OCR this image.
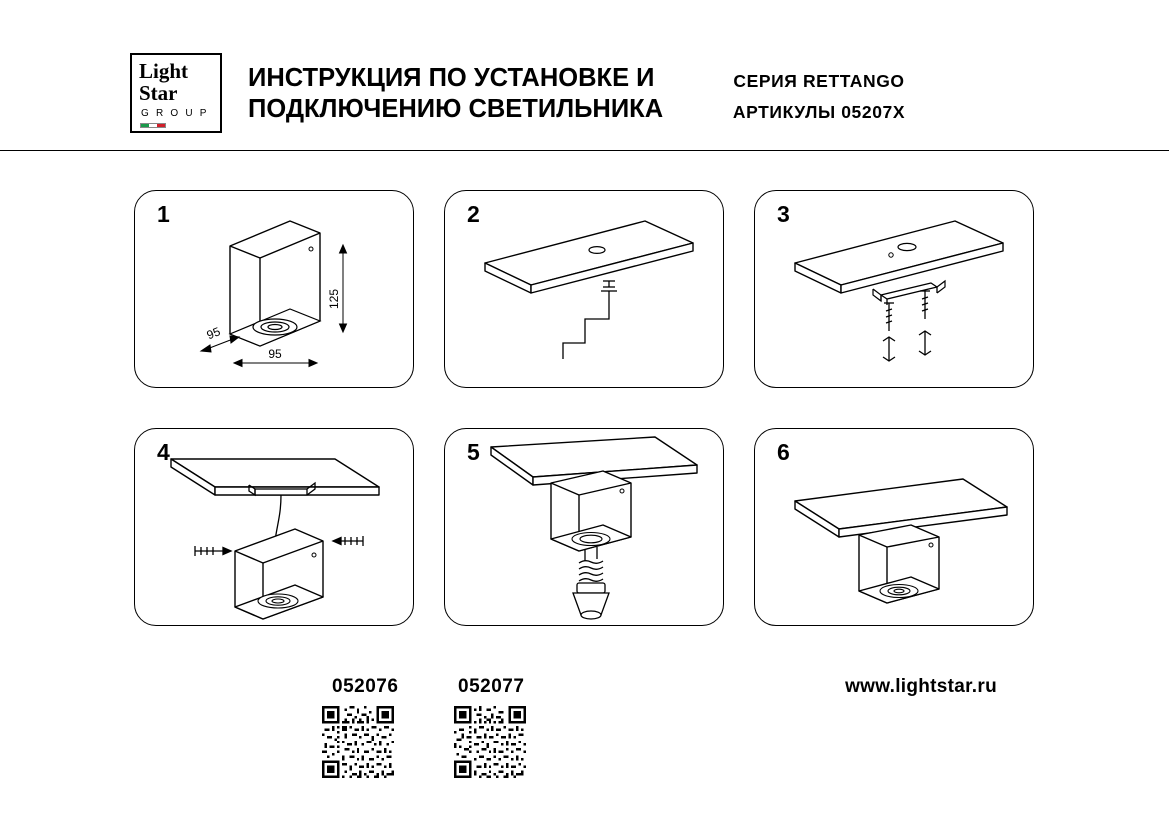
Light
Star
G R O U P
ИНСТРУКЦИЯ ПО УСТАНОВКЕ И ПОДКЛЮЧЕНИЮ СВЕТИЛЬНИКА
СЕРИЯ RETTANGO
АРТИКУЛЫ 05207X
1
125
95
95
2	3
4	5	6
052076	052077	www.lightstar.ru
